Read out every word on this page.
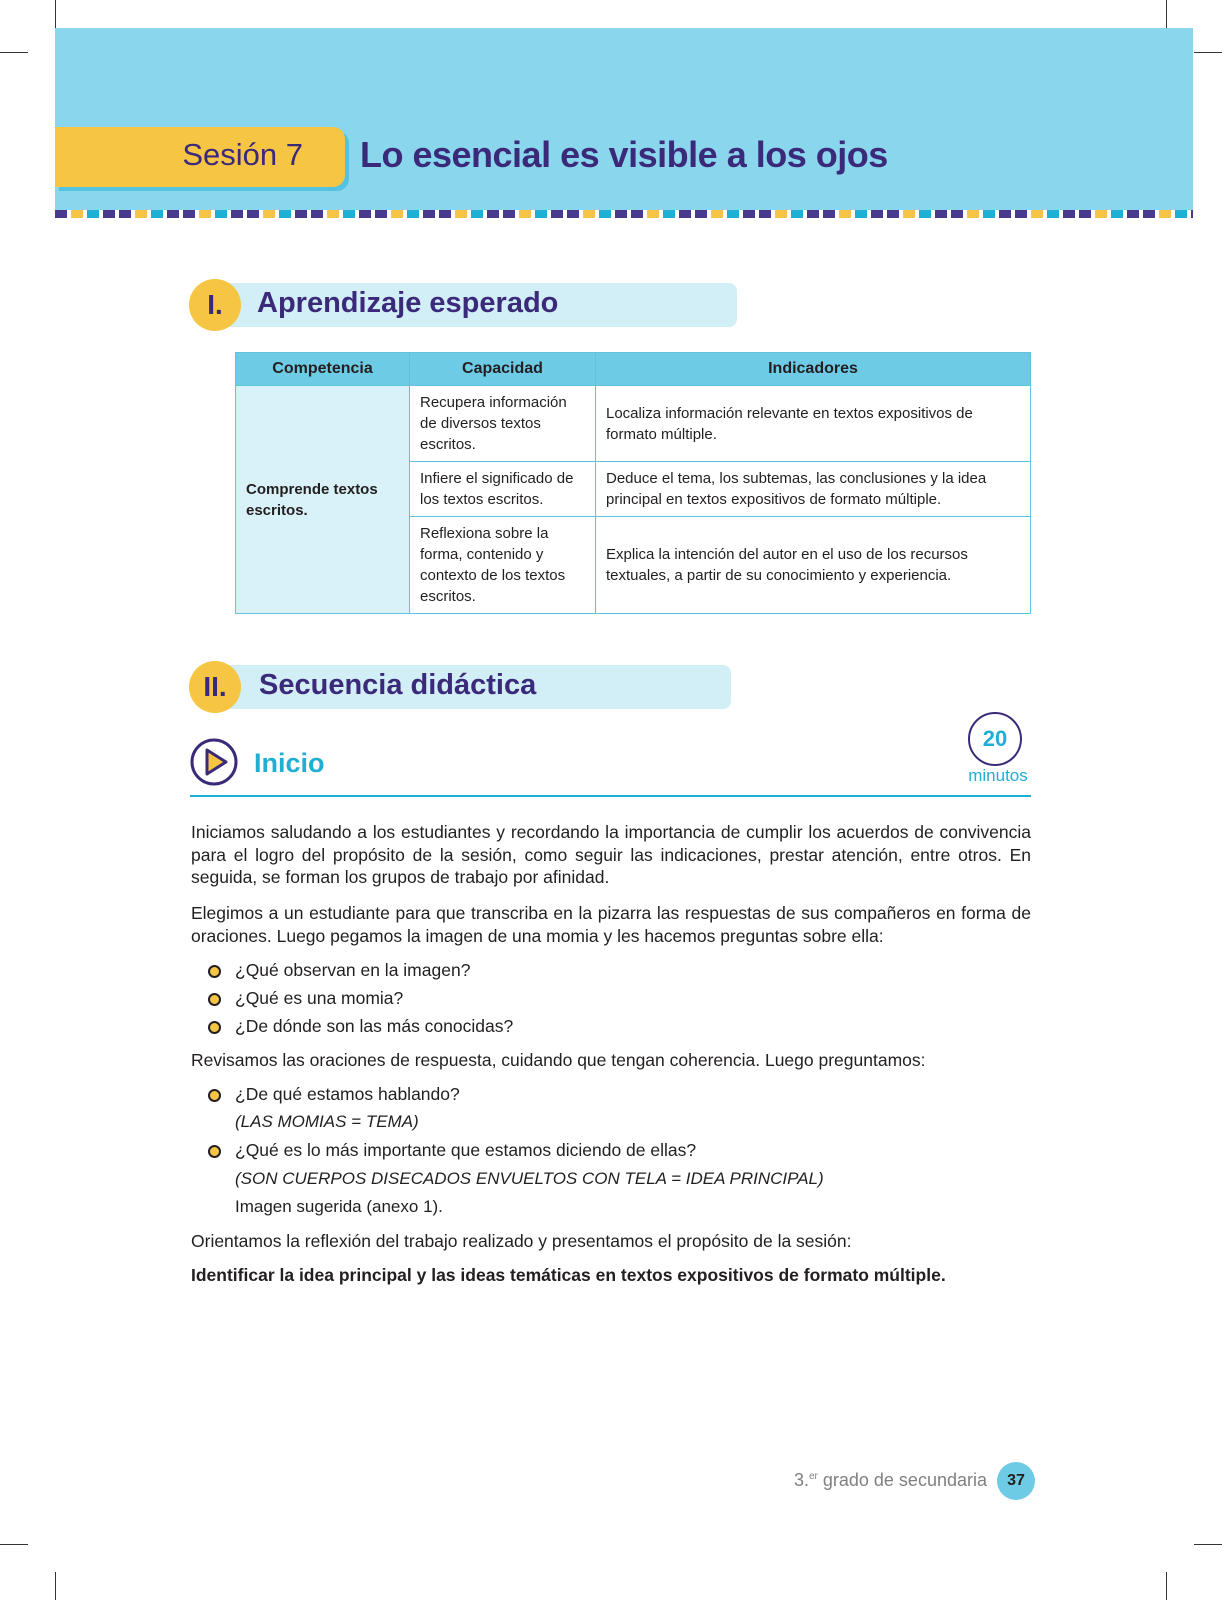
Sesión 7 Lo esencial es visible a los ojos
I.	Aprendizaje esperado
Competencia	Capacidad	Indicadores
Comprende textos escritos.	Recupera información de diversos textos escritos.	Localiza información relevante en textos expositivos de formato múltiple.
	Infiere el significado de los textos escritos.	Deduce el tema, los subtemas, las conclusiones y la idea principal en textos expositivos de formato múltiple.
	Reflexiona sobre la forma, contenido y contexto de los textos escritos.	Explica la intención del autor en el uso de los recursos textuales, a partir de su conocimiento y experiencia.
II.	Secuencia didáctica
Inicio
20
minutos
Iniciamos saludando a los estudiantes y recordando la importancia de cumplir los acuerdos de convivencia para el logro del propósito de la sesión, como seguir las indicaciones, prestar atención, entre otros. En seguida, se forman los grupos de trabajo por afinidad.
Elegimos a un estudiante para que transcriba en la pizarra las respuestas de sus compañeros en forma de oraciones. Luego pegamos la imagen de una momia y les hacemos preguntas sobre ella:
¿Qué observan en la imagen?
¿Qué es una momia?
¿De dónde son las más conocidas?
Revisamos las oraciones de respuesta, cuidando que tengan coherencia. Luego preguntamos:
¿De qué estamos hablando?
(LAS MOMIAS = TEMA)
¿Qué es lo más importante que estamos diciendo de ellas?
(SON CUERPOS DISECADOS ENVUELTOS CON TELA = IDEA PRINCIPAL)
Imagen sugerida (anexo 1).
Orientamos la reflexión del trabajo realizado y presentamos el propósito de la sesión:
Identificar la idea principal y las ideas temáticas en textos expositivos de formato múltiple.
3.$^{er}$ grado de secundaria	37
